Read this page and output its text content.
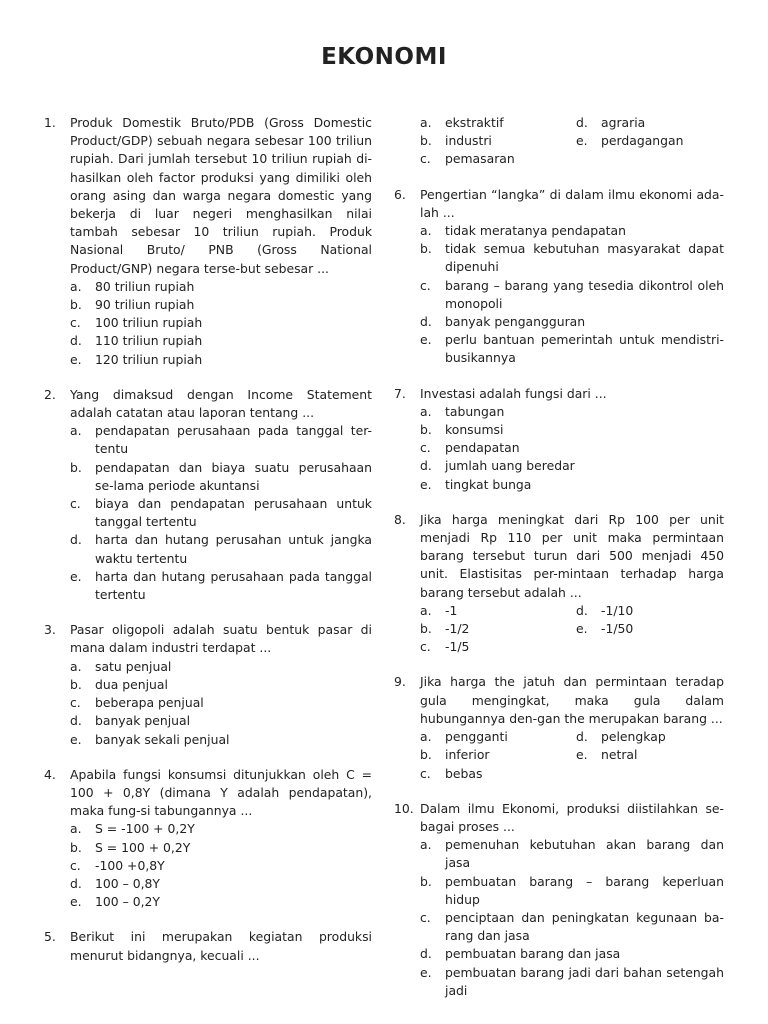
EKONOMI
1.	Produk Domestik Bruto/PDB (Gross Domestic Product/GDP) sebuah negara sebesar 100 triliun rupiah. Dari jumlah tersebut 10 triliun rupiah di-hasilkan oleh factor produksi yang dimiliki oleh orang asing dan warga negara domestic yang bekerja di luar negeri menghasilkan nilai tambah sebesar 10 triliun rupiah. Produk Nasional Bruto/ PNB (Gross National Product/GNP) negara terse-but sebesar ...
a.	80 triliun rupiah
b.	90 triliun rupiah
c.	100 triliun rupiah
d.	110 triliun rupiah
e.	120 triliun rupiah
2.	Yang dimaksud dengan Income Statement adalah catatan atau laporan tentang ...
a.	pendapatan perusahaan pada tanggal ter-tentu
b.	pendapatan dan biaya suatu perusahaan se-lama periode akuntansi
c.	biaya dan pendapatan perusahaan untuk tanggal tertentu
d.	harta dan hutang perusahan untuk jangka waktu tertentu
e.	harta dan hutang perusahaan pada tanggal tertentu
3.	Pasar oligopoli adalah suatu bentuk pasar di mana dalam industri terdapat ...
a.	satu penjual
b.	dua penjual
c.	beberapa penjual
d.	banyak penjual
e.	banyak sekali penjual
4.	Apabila fungsi konsumsi ditunjukkan oleh C = 100 + 0,8Y (dimana Y adalah pendapatan), maka fung-si tabungannya ...
a.	S = -100 + 0,2Y
b.	S = 100 + 0,2Y
c.	-100 +0,8Y
d.	100 – 0,8Y
e.	100 – 0,2Y
5.	Berikut ini merupakan kegiatan produksi menurut bidangnya, kecuali ...
a.	ekstraktif	d.	agraria
b.	industri	e.	perdagangan
c.	pemasaran
6.	Pengertian “langka” di dalam ilmu ekonomi ada-lah ...
a.	tidak meratanya pendapatan
b.	tidak semua kebutuhan masyarakat dapat dipenuhi
c.	barang – barang yang tesedia dikontrol oleh monopoli
d.	banyak pengangguran
e.	perlu bantuan pemerintah untuk mendistri-busikannya
7.	Investasi adalah fungsi dari ...
a.	tabungan
b.	konsumsi
c.	pendapatan
d.	jumlah uang beredar
e.	tingkat bunga
8.	Jika harga meningkat dari Rp 100 per unit menjadi Rp 110 per unit maka permintaan barang tersebut turun dari 500 menjadi 450 unit. Elastisitas per-mintaan terhadap harga barang tersebut adalah ...
a.	-1	d.	-1/10
b.	-1/2	e.	-1/50
c.	-1/5
9.	Jika harga the jatuh dan permintaan teradap gula mengingkat, maka gula dalam hubungannya den-gan the merupakan barang ...
a.	pengganti	d.	pelengkap
b.	inferior	e.	netral
c.	bebas
10. Dalam ilmu Ekonomi, produksi diistilahkan se-bagai proses ...
a.	pemenuhan kebutuhan akan barang dan jasa
b.	pembuatan barang – barang keperluan hidup
c.	penciptaan dan peningkatan kegunaan ba-rang dan jasa
d.	pembuatan barang dan jasa
e.	pembuatan barang jadi dari bahan setengah jadi
